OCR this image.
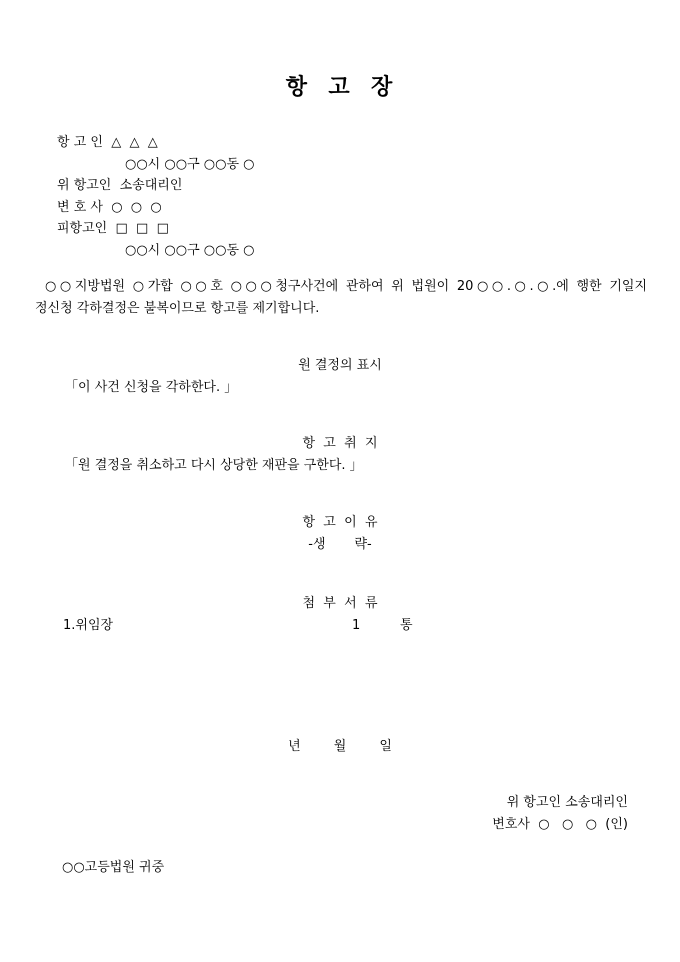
항  고  장
항 고 인  △  △  △
○○시 ○○구 ○○동 ○
위 항고인  소송대리인
변 호 사  ○  ○  ○
피항고인  □  □  □
○○시 ○○구 ○○동 ○
○○지방법원 ○가합 ○○호 ○○○청구사건에 관하여 위 법원이 20○○.○.○.에 행한 기일지
정신청 각하결정은 불복이므로 항고를 제기합니다.
원 결정의 표시
「이 사건 신청을 각하한다. 」
항  고  취  지
「원 결정을 취소하고 다시 상당한 재판을 구한다. 」
항  고  이  유
-생       략-
첨  부  서  류
1.위임장	1	통
년        월        일
위 항고인 소송대리인
변호사  ○   ○   ○  (인)
○○고등법원 귀중
